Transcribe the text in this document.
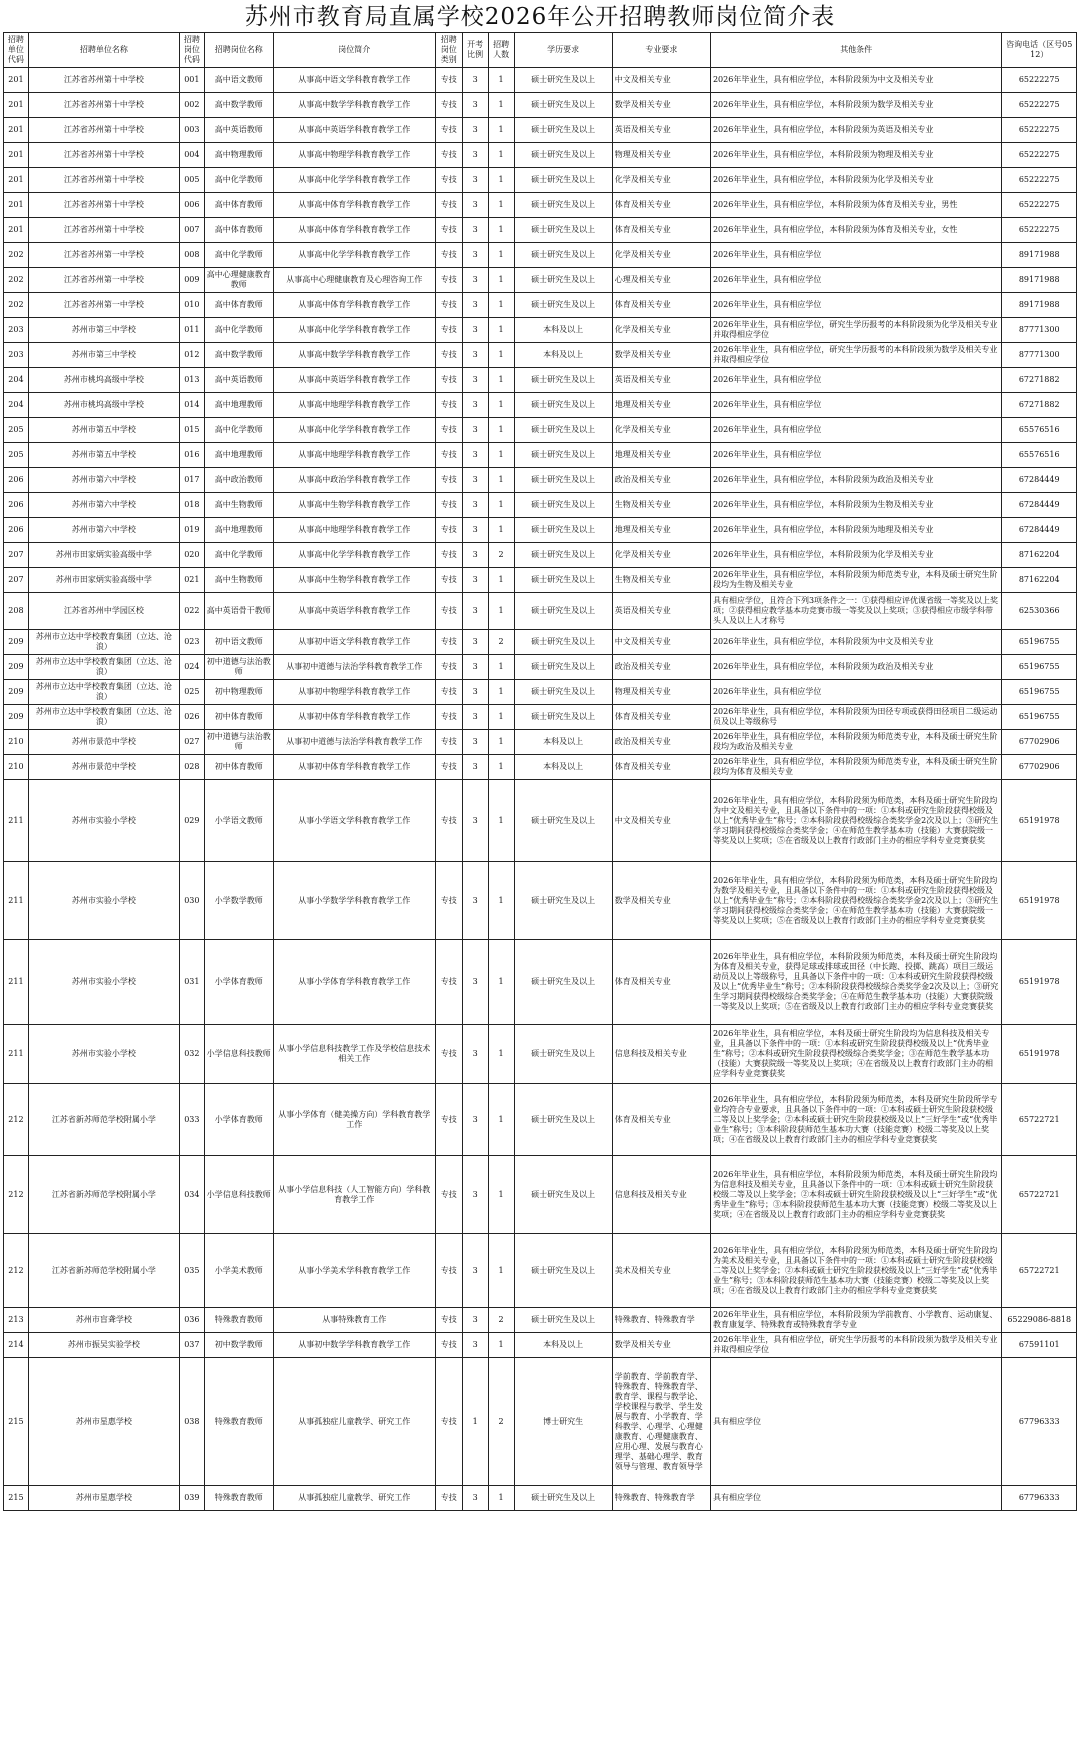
苏州市教育局直属学校2026年公开招聘教师岗位简介表
招聘单位代码	招聘单位名称	招聘岗位代码	招聘岗位名称	岗位简介	招聘岗位类别	开考比例	招聘人数	学历要求	专业要求	其他条件	咨询电话（区号0512）
201	江苏省苏州第十中学校	001	高中语文教师	从事高中语文学科教育教学工作	专技	3	1	硕士研究生及以上	中文及相关专业	2026年毕业生，具有相应学位，本科阶段须为中文及相关专业	65222275
201	江苏省苏州第十中学校	002	高中数学教师	从事高中数学学科教育教学工作	专技	3	1	硕士研究生及以上	数学及相关专业	2026年毕业生，具有相应学位，本科阶段须为数学及相关专业	65222275
201	江苏省苏州第十中学校	003	高中英语教师	从事高中英语学科教育教学工作	专技	3	1	硕士研究生及以上	英语及相关专业	2026年毕业生，具有相应学位，本科阶段须为英语及相关专业	65222275
201	江苏省苏州第十中学校	004	高中物理教师	从事高中物理学科教育教学工作	专技	3	1	硕士研究生及以上	物理及相关专业	2026年毕业生，具有相应学位，本科阶段须为物理及相关专业	65222275
201	江苏省苏州第十中学校	005	高中化学教师	从事高中化学学科教育教学工作	专技	3	1	硕士研究生及以上	化学及相关专业	2026年毕业生，具有相应学位，本科阶段须为化学及相关专业	65222275
201	江苏省苏州第十中学校	006	高中体育教师	从事高中体育学科教育教学工作	专技	3	1	硕士研究生及以上	体育及相关专业	2026年毕业生，具有相应学位，本科阶段须为体育及相关专业，男性	65222275
201	江苏省苏州第十中学校	007	高中体育教师	从事高中体育学科教育教学工作	专技	3	1	硕士研究生及以上	体育及相关专业	2026年毕业生，具有相应学位，本科阶段须为体育及相关专业，女性	65222275
202	江苏省苏州第一中学校	008	高中化学教师	从事高中化学学科教育教学工作	专技	3	1	硕士研究生及以上	化学及相关专业	2026年毕业生，具有相应学位	89171988
202	江苏省苏州第一中学校	009	高中心理健康教育教师	从事高中心理健康教育及心理咨询工作	专技	3	1	硕士研究生及以上	心理及相关专业	2026年毕业生，具有相应学位	89171988
202	江苏省苏州第一中学校	010	高中体育教师	从事高中体育学科教育教学工作	专技	3	1	硕士研究生及以上	体育及相关专业	2026年毕业生，具有相应学位	89171988
203	苏州市第三中学校	011	高中化学教师	从事高中化学学科教育教学工作	专技	3	1	本科及以上	化学及相关专业	2026年毕业生，具有相应学位，研究生学历报考的本科阶段须为化学及相关专业并取得相应学位	87771300
203	苏州市第三中学校	012	高中数学教师	从事高中数学学科教育教学工作	专技	3	1	本科及以上	数学及相关专业	2026年毕业生，具有相应学位，研究生学历报考的本科阶段须为数学及相关专业并取得相应学位	87771300
204	苏州市桃坞高级中学校	013	高中英语教师	从事高中英语学科教育教学工作	专技	3	1	硕士研究生及以上	英语及相关专业	2026年毕业生，具有相应学位	67271882
204	苏州市桃坞高级中学校	014	高中地理教师	从事高中地理学科教育教学工作	专技	3	1	硕士研究生及以上	地理及相关专业	2026年毕业生，具有相应学位	67271882
205	苏州市第五中学校	015	高中化学教师	从事高中化学学科教育教学工作	专技	3	1	硕士研究生及以上	化学及相关专业	2026年毕业生，具有相应学位	65576516
205	苏州市第五中学校	016	高中地理教师	从事高中地理学科教育教学工作	专技	3	1	硕士研究生及以上	地理及相关专业	2026年毕业生，具有相应学位	65576516
206	苏州市第六中学校	017	高中政治教师	从事高中政治学科教育教学工作	专技	3	1	硕士研究生及以上	政治及相关专业	2026年毕业生，具有相应学位，本科阶段须为政治及相关专业	67284449
206	苏州市第六中学校	018	高中生物教师	从事高中生物学科教育教学工作	专技	3	1	硕士研究生及以上	生物及相关专业	2026年毕业生，具有相应学位，本科阶段须为生物及相关专业	67284449
206	苏州市第六中学校	019	高中地理教师	从事高中地理学科教育教学工作	专技	3	1	硕士研究生及以上	地理及相关专业	2026年毕业生，具有相应学位，本科阶段须为地理及相关专业	67284449
207	苏州市田家炳实验高级中学	020	高中化学教师	从事高中化学学科教育教学工作	专技	3	2	硕士研究生及以上	化学及相关专业	2026年毕业生，具有相应学位，本科阶段须为化学及相关专业	87162204
207	苏州市田家炳实验高级中学	021	高中生物教师	从事高中生物学科教育教学工作	专技	3	1	硕士研究生及以上	生物及相关专业	2026年毕业生，具有相应学位，本科阶段须为师范类专业，本科及硕士研究生阶段均为生物及相关专业	87162204
208	江苏省苏州中学园区校	022	高中英语骨干教师	从事高中英语学科教育教学工作	专技	3	1	硕士研究生及以上	英语及相关专业	具有相应学位，且符合下列3项条件之一：①获得相应评优课省级一等奖及以上奖项；②获得相应教学基本功竞赛市级一等奖及以上奖项；③获得相应市级学科带头人及以上人才称号	62530366
209	苏州市立达中学校教育集团（立达、沧浪）	023	初中语文教师	从事初中语文学科教育教学工作	专技	3	2	硕士研究生及以上	中文及相关专业	2026年毕业生，具有相应学位，本科阶段须为中文及相关专业	65196755
209	苏州市立达中学校教育集团（立达、沧浪）	024	初中道德与法治教师	从事初中道德与法治学科教育教学工作	专技	3	1	硕士研究生及以上	政治及相关专业	2026年毕业生，具有相应学位，本科阶段须为政治及相关专业	65196755
209	苏州市立达中学校教育集团（立达、沧浪）	025	初中物理教师	从事初中物理学科教育教学工作	专技	3	1	硕士研究生及以上	物理及相关专业	2026年毕业生，具有相应学位	65196755
209	苏州市立达中学校教育集团（立达、沧浪）	026	初中体育教师	从事初中体育学科教育教学工作	专技	3	1	硕士研究生及以上	体育及相关专业	2026年毕业生，具有相应学位，本科阶段须为田径专项或获得田径项目二级运动员及以上等级称号	65196755
210	苏州市景范中学校	027	初中道德与法治教师	从事初中道德与法治学科教育教学工作	专技	3	1	本科及以上	政治及相关专业	2026年毕业生，具有相应学位，本科阶段须为师范类专业，本科及硕士研究生阶段均为政治及相关专业	67702906
210	苏州市景范中学校	028	初中体育教师	从事初中体育学科教育教学工作	专技	3	1	本科及以上	体育及相关专业	2026年毕业生，具有相应学位，本科阶段须为师范类专业，本科及硕士研究生阶段均为体育及相关专业	67702906
211	苏州市实验小学校	029	小学语文教师	从事小学语文学科教育教学工作	专技	3	1	硕士研究生及以上	中文及相关专业	2026年毕业生，具有相应学位，本科阶段须为师范类，本科及硕士研究生阶段均为中文及相关专业，且具备以下条件中的一项：①本科或研究生阶段获得校级及以上“优秀毕业生”称号；②本科阶段获得校级综合类奖学金2次及以上；③研究生学习期间获得校级综合类奖学金；④在师范生教学基本功（技能）大赛获院级一等奖及以上奖项；⑤在省级及以上教育行政部门主办的相应学科专业竞赛获奖	65191978
211	苏州市实验小学校	030	小学数学教师	从事小学数学学科教育教学工作	专技	3	1	硕士研究生及以上	数学及相关专业	2026年毕业生，具有相应学位，本科阶段须为师范类，本科及硕士研究生阶段均为数学及相关专业，且具备以下条件中的一项：①本科或研究生阶段获得校级及以上“优秀毕业生”称号；②本科阶段获得校级综合类奖学金2次及以上；③研究生学习期间获得校级综合类奖学金；④在师范生教学基本功（技能）大赛获院级一等奖及以上奖项；⑤在省级及以上教育行政部门主办的相应学科专业竞赛获奖	65191978
211	苏州市实验小学校	031	小学体育教师	从事小学体育学科教育教学工作	专技	3	1	硕士研究生及以上	体育及相关专业	2026年毕业生，具有相应学位，本科阶段须为师范类，本科及硕士研究生阶段均为体育及相关专业，获得足球或排球或田径（中长跑、投掷、跳高）项目三级运动员及以上等级称号，且具备以下条件中的一项：①本科或研究生阶段获得校级及以上“优秀毕业生”称号；②本科阶段获得校级综合类奖学金2次及以上；③研究生学习期间获得校级综合类奖学金；④在师范生教学基本功（技能）大赛获院级一等奖及以上奖项；⑤在省级及以上教育行政部门主办的相应学科专业竞赛获奖	65191978
211	苏州市实验小学校	032	小学信息科技教师	从事小学信息科技教学工作及学校信息技术相关工作	专技	3	1	硕士研究生及以上	信息科技及相关专业	2026年毕业生，具有相应学位，本科及硕士研究生阶段均为信息科技及相关专业，且具备以下条件中的一项：①本科或研究生阶段获得校级及以上“优秀毕业生”称号；②本科或研究生阶段获得校级综合类奖学金；③在师范生教学基本功（技能）大赛获院级一等奖及以上奖项；④在省级及以上教育行政部门主办的相应学科专业竞赛获奖	65191978
212	江苏省新苏师范学校附属小学	033	小学体育教师	从事小学体育（健美操方向）学科教育教学工作	专技	3	1	硕士研究生及以上	体育及相关专业	2026年毕业生，具有相应学位，本科阶段须为师范类，本科及研究生阶段所学专业均符合专业要求，且具备以下条件中的一项：①本科或硕士研究生阶段获校级二等及以上奖学金；②本科或硕士研究生阶段获校级及以上“三好学生”或“优秀毕业生”称号；③本科阶段获师范生基本功大赛（技能竞赛）校级二等奖及以上奖项；④在省级及以上教育行政部门主办的相应学科专业竞赛获奖	65722721
212	江苏省新苏师范学校附属小学	034	小学信息科技教师	从事小学信息科技（人工智能方向）学科教育教学工作	专技	3	1	硕士研究生及以上	信息科技及相关专业	2026年毕业生，具有相应学位，本科阶段须为师范类，本科及硕士研究生阶段均为信息科技及相关专业，且具备以下条件中的一项：①本科或硕士研究生阶段获校级二等及以上奖学金；②本科或硕士研究生阶段获校级及以上“三好学生”或“优秀毕业生”称号；③本科阶段获师范生基本功大赛（技能竞赛）校级二等奖及以上奖项；④在省级及以上教育行政部门主办的相应学科专业竞赛获奖	65722721
212	江苏省新苏师范学校附属小学	035	小学美术教师	从事小学美术学科教育教学工作	专技	3	1	硕士研究生及以上	美术及相关专业	2026年毕业生，具有相应学位，本科阶段须为师范类，本科及硕士研究生阶段均为美术及相关专业，且具备以下条件中的一项：①本科或硕士研究生阶段获校级二等及以上奖学金；②本科或硕士研究生阶段获校级及以上“三好学生”或“优秀毕业生”称号；③本科阶段获师范生基本功大赛（技能竞赛）校级二等奖及以上奖项；④在省级及以上教育行政部门主办的相应学科专业竞赛获奖	65722721
213	苏州市盲聋学校	036	特殊教育教师	从事特殊教育工作	专技	3	2	硕士研究生及以上	特殊教育、特殊教育学	2026年毕业生，具有相应学位，本科阶段须为学前教育、小学教育、运动康复、教育康复学、特殊教育或特殊教育学专业	65229086-8818
214	苏州市振吴实验学校	037	初中数学教师	从事初中数学学科教育教学工作	专技	3	1	本科及以上	数学及相关专业	2026年毕业生，具有相应学位，研究生学历报考的本科阶段须为数学及相关专业并取得相应学位	67591101
215	苏州市星惠学校	038	特殊教育教师	从事孤独症儿童教学、研究工作	专技	1	2	博士研究生	学前教育、学前教育学、特殊教育、特殊教育学、教育学、课程与教学论、学校课程与教学、学生发展与教育、小学教育、学科教学、心理学、心理健康教育、心理健康教育、应用心理、发展与教育心理学、基础心理学、教育领导与管理、教育领导学	具有相应学位	67796333
215	苏州市星惠学校	039	特殊教育教师	从事孤独症儿童教学、研究工作	专技	3	1	硕士研究生及以上	特殊教育、特殊教育学	具有相应学位	67796333
